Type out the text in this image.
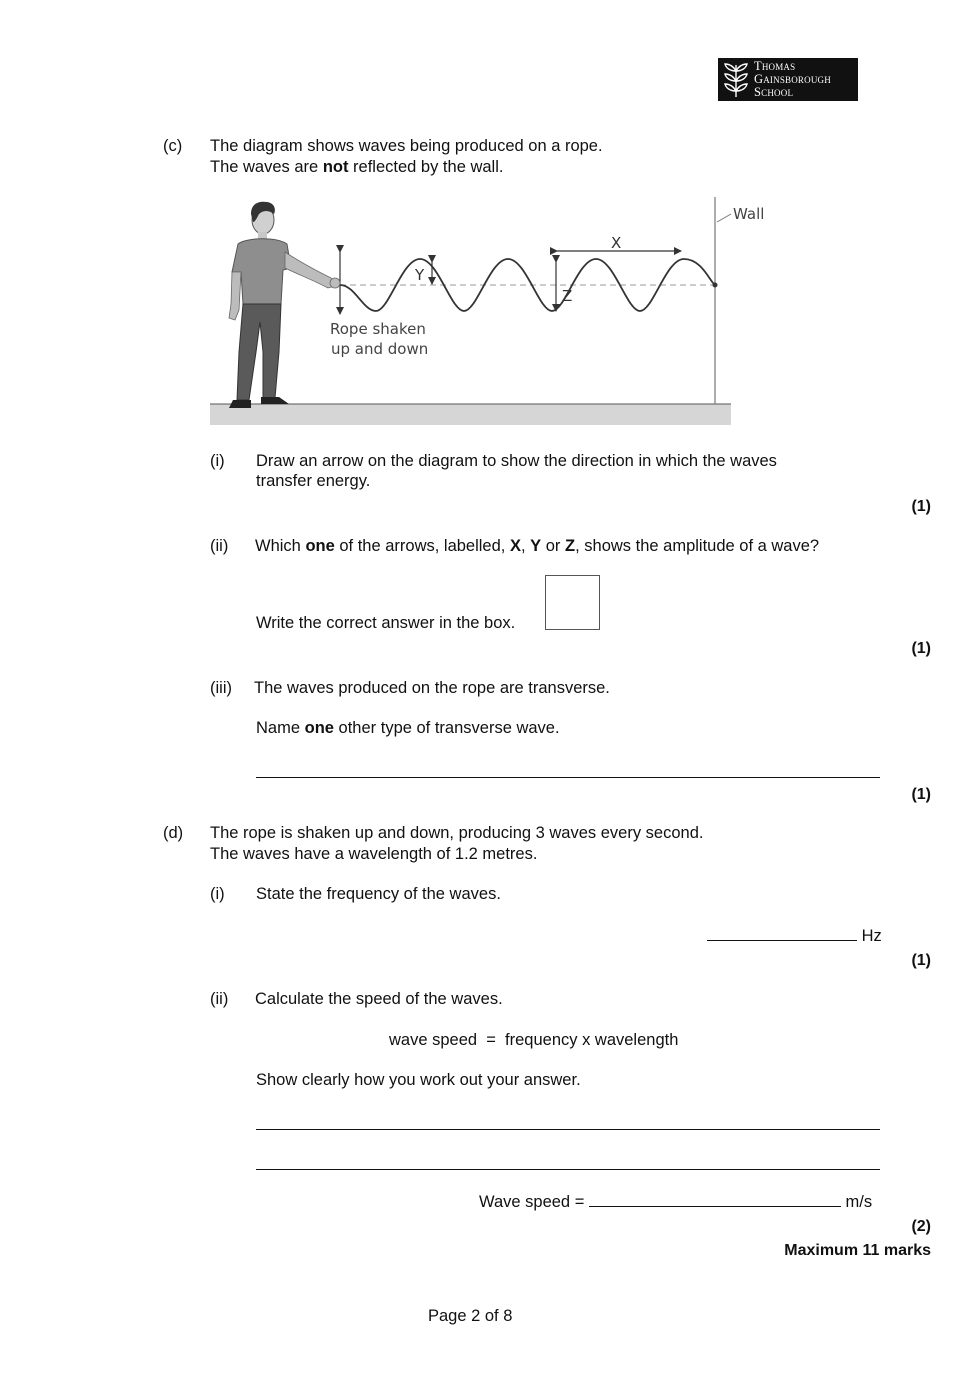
Thomas
Gainsborough
School
(c) The diagram shows waves being produced on a rope.
The waves are not reflected by the wall.
Wall
X
Y
Z
Rope shaken
up and down
(i) Draw an arrow on the diagram to show the direction in which the waves
transfer energy.
(1)
(ii) Which one of the arrows, labelled, X, Y or Z, shows the amplitude of a wave?
Write the correct answer in the box.
(1)
(iii) The waves produced on the rope are transverse.
Name one other type of transverse wave.
(1)
(d) The rope is shaken up and down, producing 3 waves every second.
The waves have a wavelength of 1.2 metres.
(i) State the frequency of the waves.
Hz
(1)
(ii) Calculate the speed of the waves.
wave speed  =  frequency x wavelength
Show clearly how you work out your answer.
Wave speed =	m/s
(2)
Maximum 11 marks
Page 2 of 8
